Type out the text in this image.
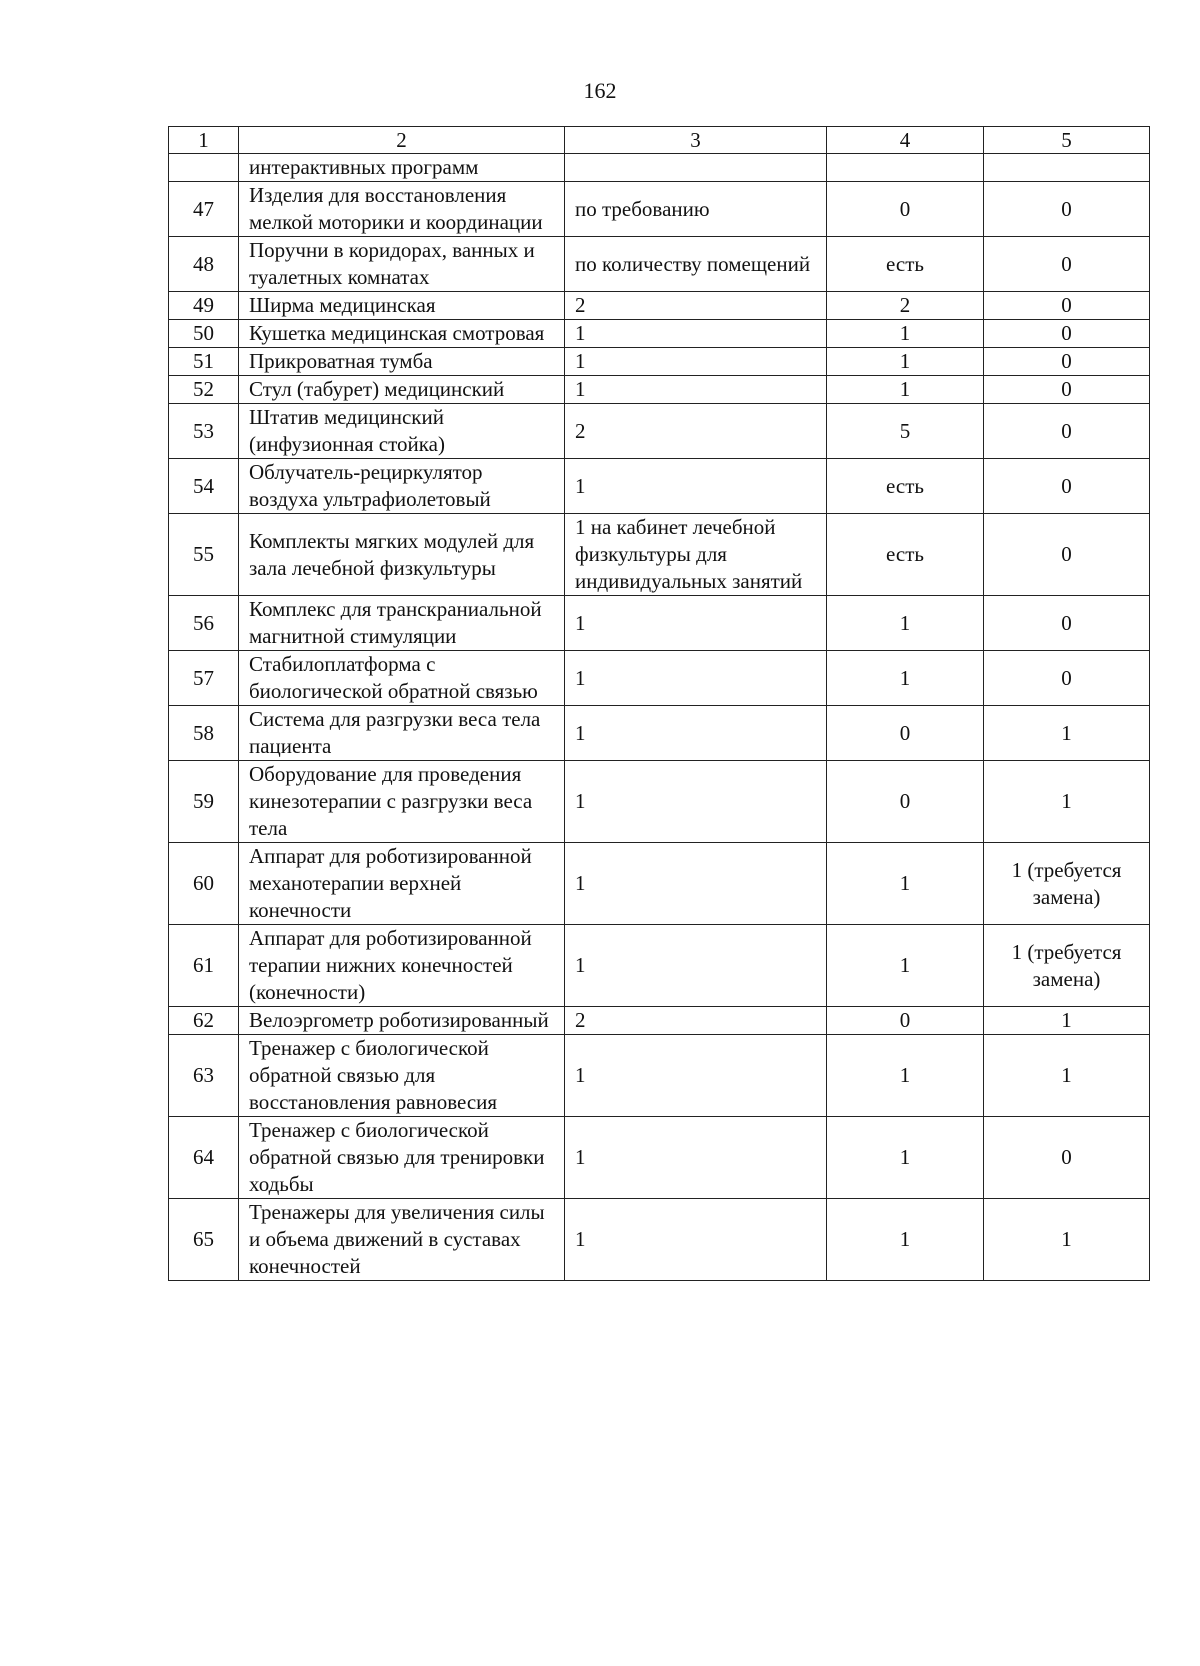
162
1	2	3	4	5
	интерактивных программ			
47	Изделия для восстановления мелкой моторики и координации	по требованию	0	0
48	Поручни в коридорах, ванных и туалетных комнатах	по количеству помещений	есть	0
49	Ширма медицинская	2	2	0
50	Кушетка медицинская смотровая	1	1	0
51	Прикроватная тумба	1	1	0
52	Стул (табурет) медицинский	1	1	0
53	Штатив медицинский (инфузионная стойка)	2	5	0
54	Облучатель-рециркулятор воздуха ультрафиолетовый	1	есть	0
55	Комплекты мягких модулей для зала лечебной физкультуры	1 на кабинет лечебной физкультуры для индивидуальных занятий	есть	0
56	Комплекс для транскраниальной магнитной стимуляции	1	1	0
57	Стабилоплатформа с биологической обратной связью	1	1	0
58	Система для разгрузки веса тела пациента	1	0	1
59	Оборудование для проведения кинезотерапии с разгрузки веса тела	1	0	1
60	Аппарат для роботизированной механотерапии верхней конечности	1	1	1 (требуется замена)
61	Аппарат для роботизированной терапии нижних конечностей (конечности)	1	1	1 (требуется замена)
62	Велоэргометр роботизированный	2	0	1
63	Тренажер с биологической обратной связью для восстановления равновесия	1	1	1
64	Тренажер с биологической обратной связью для тренировки ходьбы	1	1	0
65	Тренажеры для увеличения силы и объема движений в суставах конечностей	1	1	1
